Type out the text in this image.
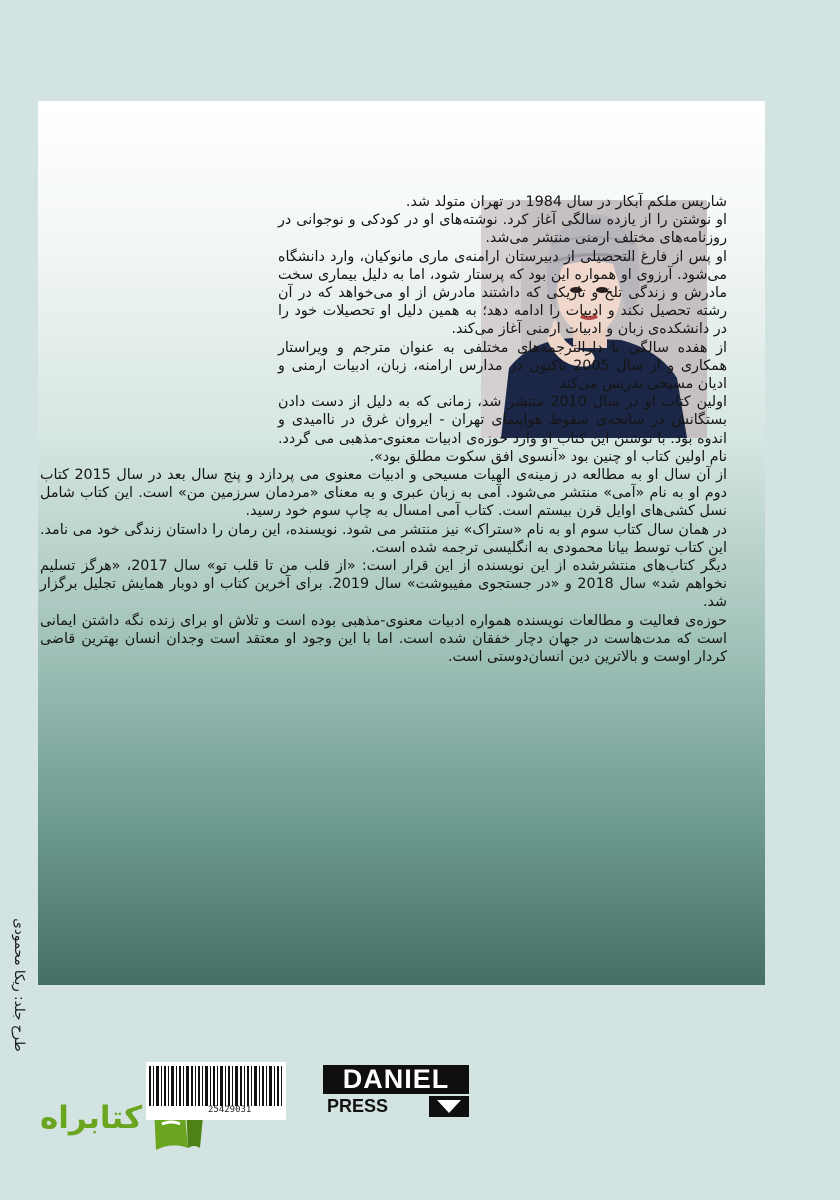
شاریس ملکم آبکار در سال 1984 در تهران متولد شد.

او نوشتن را از یازده سالگی آغاز کرد. نوشته‌های او در کودکی و نوجوانی در روزنامه‌های مختلف ارمنی منتشر می‌شد.

او پس از فارغ التحصیلی از دبیرستان ارامنه‌ی ماری مانوکیان، وارد دانشگاه می‌شود. آرزوی او همواره این بود که پرستار شود، اما به دلیل بیماری سخت مادرش و زندگی تلخ و تاریکی که داشتند مادرش از او می‌خواهد که در آن رشته تحصیل نکند و ادبیات را ادامه دهد؛ به همین دلیل او تحصیلات خود را در دانشکده‌ی زبان و ادبیات ارمنی آغاز می‌کند.

از هفده سالگی با دارالترجمه‌های مختلفی به عنوان مترجم و ویراستار همکاری و از سال 2005 تاکنون در مدارس ارامنه، زبان، ادبیات ارمنی و ادیان مسیحی تدریس می‌کند.

اولین کتاب او در سال 2010 منتشر شد، زمانی که به دلیل از دست دادن بستگانش در سانحه‌ی سقوط هواپیمای تهران - ایروان غرق در ناامیدی و اندوه بود. با نوشتن این کتاب او وارد حوزه‌ی ادبیات معنوی-مذهبی می گردد. نام اولین کتاب او چنین بود «آنسوی افق سکوت مطلق بود».

از آن سال او به مطالعه در زمینه‌ی الهیات مسیحی و ادبیات معنوی می پردازد و پنج سال بعد در سال 2015 کتاب دوم او به نام «آمی» منتشر می‌شود. آمی به زبان عبری و به معنای «مردمان سرزمین من» است. این کتاب شامل نسل کشی‌های اوایل قرن بیستم است. کتاب آمی امسال به چاپ سوم خود رسید.

در همان سال کتاب سوم او به نام «ستراک» نیز منتشر می شود. نویسنده، این رمان را داستان زندگی خود می نامد. این کتاب توسط بیانا محمودی به انگلیسی ترجمه شده است.

دیگر کتاب‌های منتشرشده از این نویسنده از این قرار است: «از قلب من تا قلب تو» سال 2017، «هرگز تسلیم نخواهم شد» سال 2018 و «در جستجوی مفیبوشت» سال 2019. برای آخرین کتاب او دوبار همایش تجلیل برگزار شد.

حوزه‌ی فعالیت و مطالعات نویسنده همواره ادبیات معنوی-مذهبی بوده است و تلاش او برای زنده نگه داشتن ایمانی است که مدت‌هاست در جهان دچار خفقان شده است. اما با این وجود او معتقد است وجدان انسان بهترین قاضی کردار اوست و بالاترین دین انسان‌دوستی است.

طرح جلد: ریکا محمودی
کتابراه	25429031
DANIEL
PRESS
